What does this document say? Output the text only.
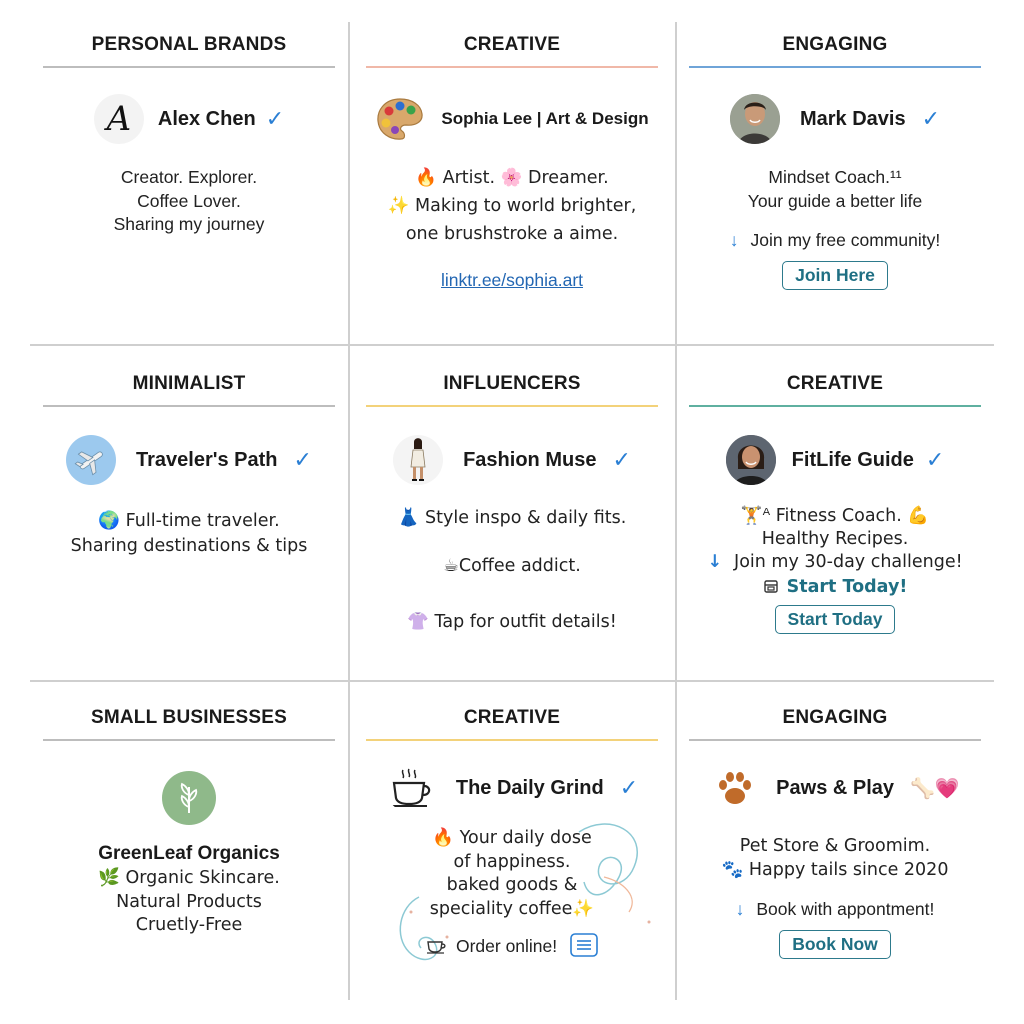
PERSONAL BRANDS
A Alex Chen ✓

Creator. Explorer.

Coffee Lover.

Sharing my journey

CREATIVE
Sophia Lee | Art & Design

🔥 Artist. 🌸 Dreamer.

✨ Making to world brighter,

one brushstroke a aime.

linktr.ee/sophia.art
ENGAGING
Mark Davis ✓

Mindset Coach.¹¹

Your guide a better life

↓ Join my free community!
Join Here
MINIMALIST
Traveler's Path ✓

🌍 Full-time traveler.

Sharing destinations & tips

INFLUENCERS
Fashion Muse ✓

👗 Style inspo & daily fits.

☕Coffee addict.

👚 Tap for outfit details!

CREATIVE
FitLife Guide ✓

🏋ᴬ Fitness Coach. 💪

Healthy Recipes.

↓ Join my 30-day challenge!

Start Today!

Start Today
SMALL BUSINESSES
GreenLeaf Organics

🌿 Organic Skincare.

Natural Products

Cruetly-Free

CREATIVE
The Daily Grind ✓

🔥 Your daily dose

of happiness.

baked goods &

speciality coffee✨

Order online!
ENGAGING
Paws & Play 🦴💗

Pet Store & Groomim.

🐾 Happy tails since 2020

↓ Book with appontment!
Book Now
